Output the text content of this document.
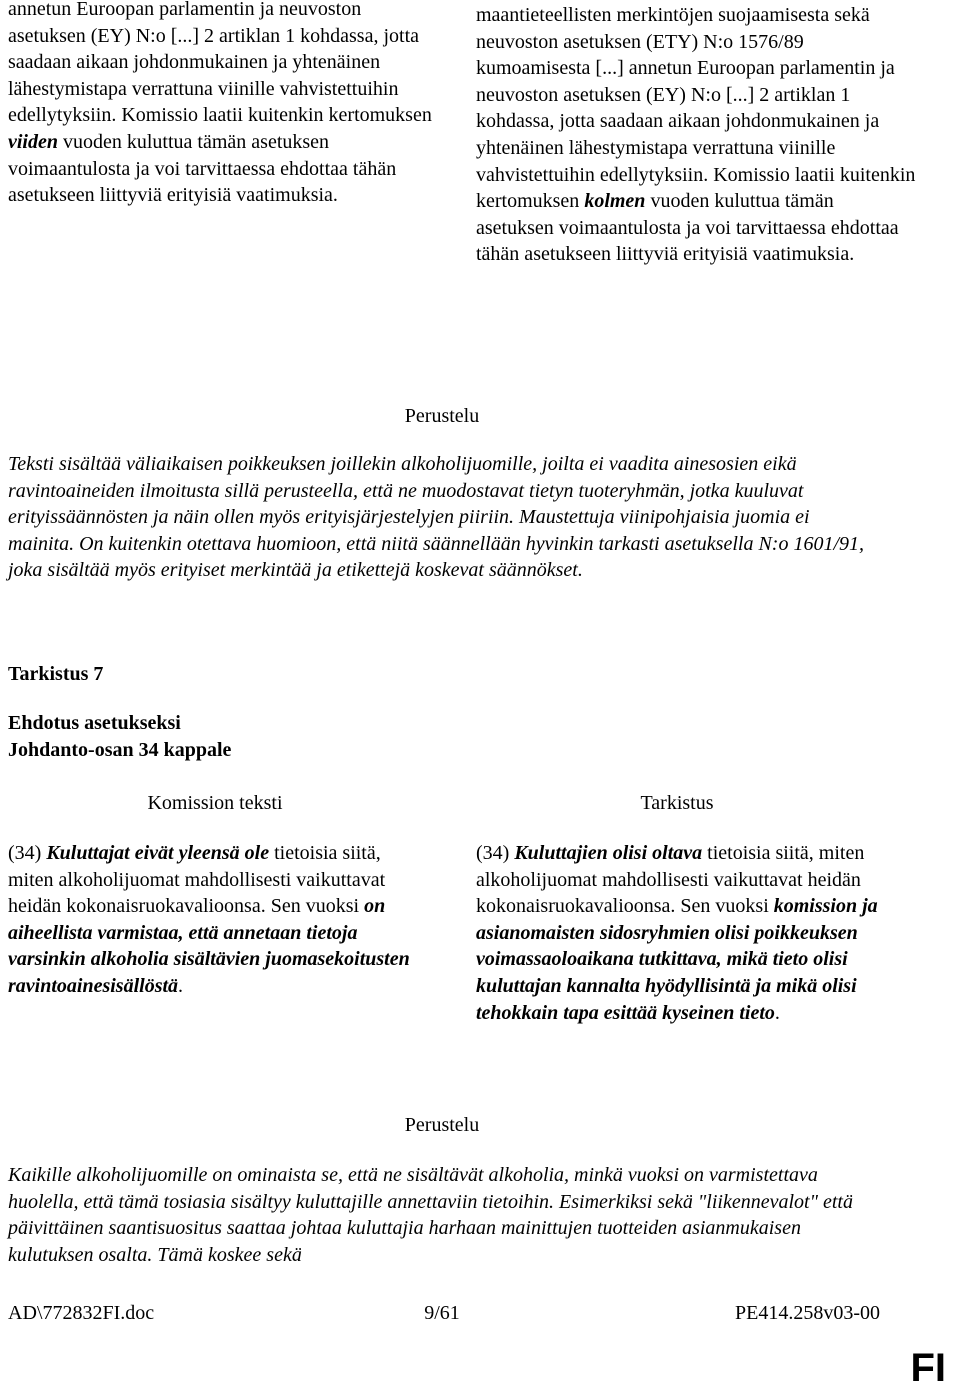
annetun Euroopan parlamentin ja neuvoston asetuksen (EY) N:o [...] 2 artiklan 1 kohdassa, jotta saadaan aikaan johdonmukainen ja yhtenäinen lähestymistapa verrattuna viinille vahvistettuihin edellytyksiin. Komissio laatii kuitenkin kertomuksen viiden vuoden kuluttua tämän asetuksen voimaantulosta ja voi tarvittaessa ehdottaa tähän asetukseen liittyviä erityisiä vaatimuksia.
maantieteellisten merkintöjen suojaamisesta sekä neuvoston asetuksen (ETY) N:o 1576/89 kumoamisesta [...] annetun Euroopan parlamentin ja neuvoston asetuksen (EY) N:o [...] 2 artiklan 1 kohdassa, jotta saadaan aikaan johdonmukainen ja yhtenäinen lähestymistapa verrattuna viinille vahvistettuihin edellytyksiin. Komissio laatii kuitenkin kertomuksen kolmen vuoden kuluttua tämän asetuksen voimaantulosta ja voi tarvittaessa ehdottaa tähän asetukseen liittyviä erityisiä vaatimuksia.
Perustelu
Teksti sisältää väliaikaisen poikkeuksen joillekin alkoholijuomille, joilta ei vaadita ainesosien eikä ravintoaineiden ilmoitusta sillä perusteella, että ne muodostavat tietyn tuoteryhmän, jotka kuuluvat erityissäännösten ja näin ollen myös erityisjärjestelyjen piiriin. Maustettuja viinipohjaisia juomia ei mainita. On kuitenkin otettava huomioon, että niitä säännellään hyvinkin tarkasti asetuksella N:o 1601/91, joka sisältää myös erityiset merkintää ja etikettejä koskevat säännökset.
Tarkistus 7
Ehdotus asetukseksi
Johdanto-osan 34 kappale
Komission teksti	Tarkistus
(34) Kuluttajat eivät yleensä ole tietoisia siitä, miten alkoholijuomat mahdollisesti vaikuttavat heidän kokonaisruokavalioonsa. Sen vuoksi on aiheellista varmistaa, että annetaan tietoja varsinkin alkoholia sisältävien juomasekoitusten ravintoainesisällöstä.
(34) Kuluttajien olisi oltava tietoisia siitä, miten alkoholijuomat mahdollisesti vaikuttavat heidän kokonaisruokavalioonsa. Sen vuoksi komission ja asianomaisten sidosryhmien olisi poikkeuksen voimassaoloaikana tutkittava, mikä tieto olisi kuluttajan kannalta hyödyllisintä ja mikä olisi tehokkain tapa esittää kyseinen tieto.
Perustelu
Kaikille alkoholijuomille on ominaista se, että ne sisältävät alkoholia, minkä vuoksi on varmistettava huolella, että tämä tosiasia sisältyy kuluttajille annettaviin tietoihin. Esimerkiksi sekä "liikennevalot" että päivittäinen saantisuositus saattaa johtaa kuluttajia harhaan mainittujen tuotteiden asianmukaisen kulutuksen osalta. Tämä koskee sekä
AD\772832FI.doc	9/61	PE414.258v03-00
FI
